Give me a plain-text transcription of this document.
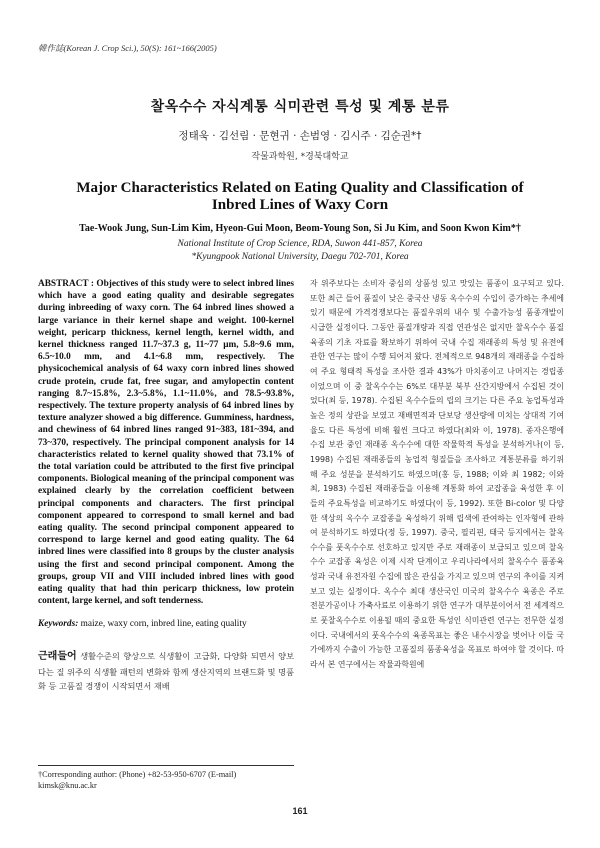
韓作誌(Korean J. Crop Sci.), 50(S): 161~166(2005)
찰옥수수 자식계통 식미관련 특성 및 계통 분류
정태욱 · 김선림 · 문현귀 · 손범영 · 김시주 · 김순권*†
작물과학원, *경북대학교
Major Characteristics Related on Eating Quality and Classification of
Inbred Lines of Waxy Corn
Tae-Wook Jung, Sun-Lim Kim, Hyeon-Gui Moon, Beom-Young Son, Si Ju Kim, and Soon Kwon Kim*†
National Institute of Crop Science, RDA, Suwon 441-857, Korea
*Kyungpook National University, Daegu 702-701, Korea
ABSTRACT : Objectives of this study were to select inbred lines which have a good eating quality and desirable segregates during inbreeding of waxy corn. The 64 inbred lines showed a large variance in their kernel shape and weight. 100-kernel weight, pericarp thickness, kernel length, kernel width, and kernel thickness ranged 11.7~37.3 g, 11~77 μm, 5.8~9.6 mm, 6.5~10.0 mm, and 4.1~6.8 mm, respectively. The physicochemical analysis of 64 waxy corn inbred lines showed crude protein, crude fat, free sugar, and amylopectin content ranging 8.7~15.8%, 2.3~5.8%, 1.1~11.0%, and 78.5~93.8%, respectively. The texture property analysis of 64 inbred lines by texture analyzer showed a big difference. Gumminess, hardness, and chewiness of 64 inbred lines ranged 91~383, 181~394, and 73~370, respectively. The principal component analysis for 14 characteristics related to kernel quality showed that 73.1% of the total variation could be attributed to the first five principal components. Biological meaning of the principal component was explained clearly by the correlation coefficient between principal components and characters. The first principal component appeared to correspond to small kernel and bad eating quality. The second principal component appeared to correspond to large kernel and good eating quality. The 64 inbred lines were classified into 8 groups by the cluster analysis using the first and second principal component. Among the groups, group VII and VIII included inbred lines with good eating quality that had thin pericarp thickness, low protein content, large kernel, and soft tenderness.
Keywords: maize, waxy corn, inbred line, eating quality
근래들어 생활수준의 향상으로 식생활이 고급화, 다양화 되면서 양보다는 질 위주의 식생활 패턴의 변화와 함께 생산지역의 브랜드화 및 명품화 등 고품질 경쟁이 시작되면서 재배
†Corresponding author: (Phone) +82-53-950-6707 (E-mail) kimsk@knu.ac.kr

자 위주보다는 소비자 중심의 상품성 있고 맛있는 품종이 요구되고 있다. 또한 최근 들어 품질이 낮은 중국산 냉동 옥수수의 수입이 증가하는 추세에 있기 때문에 가격경쟁보다는 품질우위의 내수 및 수출가능성 품종개발이 시급한 실정이다. 그동안 품질개량과 직접 연관성은 없지만 찰옥수수 품질육종의 기초 자료를 확보하기 위하여 국내 수집 재래종의 특성 및 유전에 관한 연구는 많이 수행 되어져 왔다. 전체적으로 948개의 재래종을 수집하여 주요 형태적 특성을 조사한 결과 43%가 마치종이고 나머지는 경립종 이었으며 이 중 찰옥수수는 6%로 대부분 북부 산간지방에서 수집된 것이었다(최 등, 1978). 수집된 옥수수들의 립의 크기는 다른 주요 농업특성과 높은 정의 상관을 보였고 재배면적과 단보당 생산량에 미치는 상대적 기여율도 다른 특성에 비해 훨씬 크다고 하였다(최와 이, 1978). 종자은행에 수집 보관 중인 재래종 옥수수에 대한 작물학적 특성을 분석하거나(이 등, 1998) 수집된 재래종들의 농업적 형질들을 조사하고 계통분류를 하기위해 주요 성분을 분석하기도 하였으며(홍 등, 1988; 이와 최 1982; 이와 최, 1983) 수집된 재래종들을 이용해 계통화 하여 교잡종을 육성한 후 이들의 주요특성을 비교하기도 하였다(이 등, 1992). 또한 Bi-color 및 다양한 색상의 옥수수 교잡종을 육성하기 위해 립색에 관여하는 인자형에 관하여 분석하기도 하였다(정 등, 1997). 중국, 필리핀, 태국 등지에서는 찰옥수수를 풋옥수수로 선호하고 있지만 주로 재래종이 보급되고 있으며 찰옥수수 교잡종 육성은 이제 시작 단계이고 우리나라에서의 찰옥수수 품종육성과 국내 유전자원 수집에 많은 관심을 가지고 있으며 연구의 추이를 지켜보고 있는 실정이다. 옥수수 최대 생산국인 미국의 찰옥수수 육종은 주로 전분가공이나 가축사료로 이용하기 위한 연구가 대부분이어서 전 세계적으로 풋찰옥수수로 이용될 때의 중요한 특성인 식미관련 연구는 전무한 실정이다. 국내에서의 풋옥수수의 육종목표는 좋은 내수시장을 벗어나 이들 국가에까지 수출이 가능한 고품질의 품종육성을 목표로 하여야 할 것이다. 따라서 본 연구에서는 작물과학원에

161
